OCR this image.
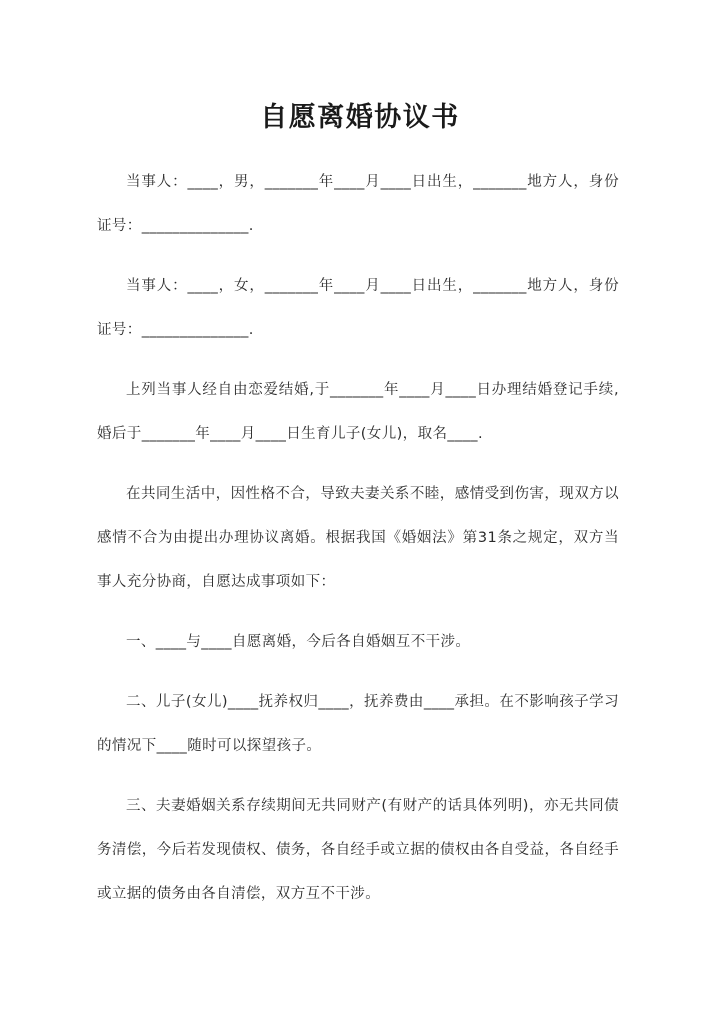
自愿离婚协议书

当事人：____，男，_______年____月____日出生，_______地方人，身份证号：______________.

当事人：____，女，_______年____月____日出生，_______地方人，身份证号：______________.

上列当事人经自由恋爱结婚,于_______年____月____日办理结婚登记手续,婚后于_______年____月____日生育儿子(女儿)，取名____.

在共同生活中，因性格不合，导致夫妻关系不睦，感情受到伤害，现双方以感情不合为由提出办理协议离婚。根据我国《婚姻法》第31条之规定，双方当事人充分协商，自愿达成事项如下：

一、____与____自愿离婚，今后各自婚姻互不干涉。

二、儿子(女儿)____抚养权归____，抚养费由____承担。在不影响孩子学习的情况下____随时可以探望孩子。

三、夫妻婚姻关系存续期间无共同财产(有财产的话具体列明)，亦无共同债务清偿，今后若发现债权、债务，各自经手或立据的债权由各自受益，各自经手或立据的债务由各自清偿，双方互不干涉。
